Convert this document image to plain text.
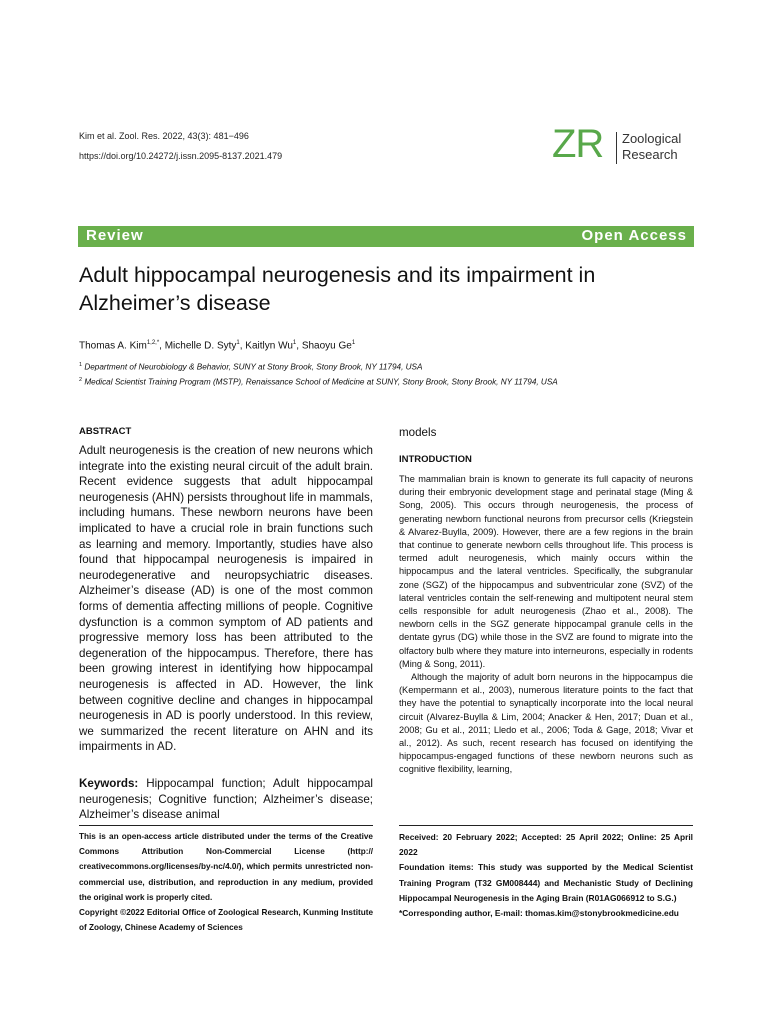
Kim et al. Zool. Res. 2022, 43(3): 481−496
https://doi.org/10.24272/j.issn.2095-8137.2021.479	ZR Zoological
Research
Review	Open Access
Adult hippocampal neurogenesis and its impairment in Alzheimer’s disease
Thomas A. Kim$^{1,2,*}$, Michelle D. Syty$^1$, Kaitlyn Wu$^1$, Shaoyu Ge$^1$
$^1$ Department of Neurobiology & Behavior, SUNY at Stony Brook, Stony Brook, NY 11794, USA
$^2$ Medical Scientist Training Program (MSTP), Renaissance School of Medicine at SUNY, Stony Brook, Stony Brook, NY 11794, USA
ABSTRACT
Adult neurogenesis is the creation of new neurons which integrate into the existing neural circuit of the adult brain. Recent evidence suggests that adult hippocampal neurogenesis (AHN) persists throughout life in mammals, including humans. These newborn neurons have been implicated to have a crucial role in brain functions such as learning and memory. Importantly, studies have also found that hippocampal neurogenesis is impaired in neurodegenerative and neuropsychiatric diseases. Alzheimer’s disease (AD) is one of the most common forms of dementia affecting millions of people. Cognitive dysfunction is a common symptom of AD patients and progressive memory loss has been attributed to the degeneration of the hippocampus. Therefore, there has been growing interest in identifying how hippocampal neurogenesis is affected in AD. However, the link between cognitive decline and changes in hippocampal neurogenesis in AD is poorly understood. In this review, we summarized the recent literature on AHN and its impairments in AD.
Keywords: Hippocampal function; Adult hippocampal neurogenesis; Cognitive function; Alzheimer’s disease; Alzheimer’s disease animal
models
INTRODUCTION

The mammalian brain is known to generate its full capacity of neurons during their embryonic development stage and perinatal stage (Ming & Song, 2005). This occurs through neurogenesis, the process of generating newborn functional neurons from precursor cells (Kriegstein & Alvarez-Buylla, 2009). However, there are a few regions in the brain that continue to generate newborn cells throughout life. This process is termed adult neurogenesis, which mainly occurs within the hippocampus and the lateral ventricles. Specifically, the subgranular zone (SGZ) of the hippocampus and subventricular zone (SVZ) of the lateral ventricles contain the self-renewing and multipotent neural stem cells responsible for adult neurogenesis (Zhao et al., 2008). The newborn cells in the SGZ generate hippocampal granule cells in the dentate gyrus (DG) while those in the SVZ are found to migrate into the olfactory bulb where they mature into interneurons, especially in rodents (Ming & Song, 2011).

Although the majority of adult born neurons in the hippocampus die (Kempermann et al., 2003), numerous literature points to the fact that they have the potential to synaptically incorporate into the local neural circuit (Alvarez-Buylla & Lim, 2004; Anacker & Hen, 2017; Duan et al., 2008; Gu et al., 2011; Lledo et al., 2006; Toda & Gage, 2018; Vivar et al., 2012). As such, recent research has focused on identifying the hippocampus-engaged functions of these newborn neurons such as cognitive flexibility, learning,

This is an open-access article distributed under the terms of the Creative Commons Attribution Non-Commercial License (http:// creativecommons.org/licenses/by-nc/4.0/), which permits unrestricted non-commercial use, distribution, and reproduction in any medium, provided the original work is properly cited.

Copyright ©2022 Editorial Office of Zoological Research, Kunming Institute of Zoology, Chinese Academy of Sciences

Received: 20 February 2022; Accepted: 25 April 2022; Online: 25 April 2022

Foundation items: This study was supported by the Medical Scientist Training Program (T32 GM008444) and Mechanistic Study of Declining Hippocampal Neurogenesis in the Aging Brain (R01AG066912 to S.G.)

*Corresponding author, E-mail: thomas.kim@stonybrookmedicine.edu
